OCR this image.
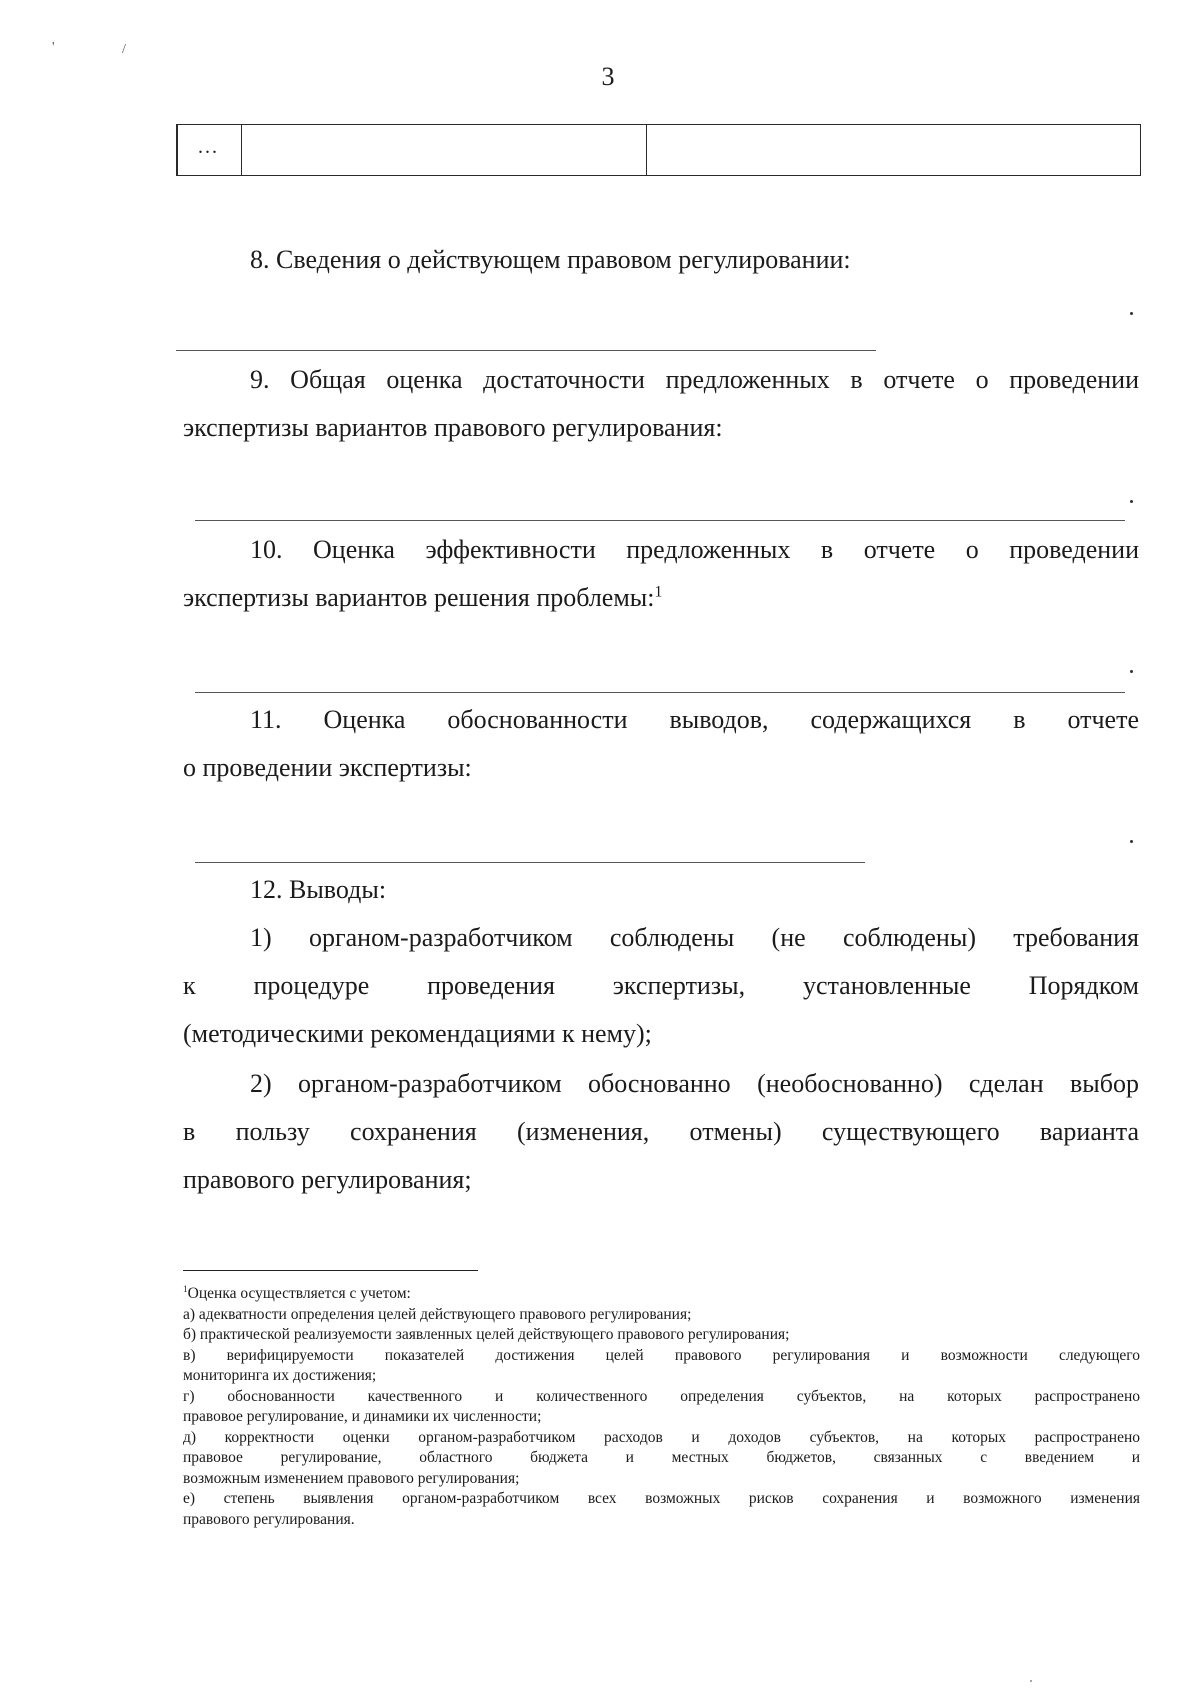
'	/
3
...

8. Сведения о действующем правовом регулировании:

9. Общая оценка достаточности предложенных в отчете о проведении

экспертизы вариантов правового регулирования:

10. Оценка эффективности предложенных в отчете о проведении

экспертизы вариантов решения проблемы:$^1$

11. Оценка обоснованности выводов, содержащихся в отчете

о проведении экспертизы:

12. Выводы:

1) органом-разработчиком соблюдены (не соблюдены) требования

к процедуре проведения экспертизы, установленные Порядком

(методическими рекомендациями к нему);

2) органом-разработчиком обоснованно (необоснованно) сделан выбор

в пользу сохранения (изменения, отмены) существующего варианта

правового регулирования;

$^1$Оценка осуществляется с учетом:

а) адекватности определения целей действующего правового регулирования;

б) практической реализуемости заявленных целей действующего правового регулирования;

в) верифицируемости показателей достижения целей правового регулирования и возможности следующего

мониторинга их достижения;

г) обоснованности качественного и количественного определения субъектов, на которых распространено

правовое регулирование, и динамики их численности;

д) корректности оценки органом-разработчиком расходов и доходов субъектов, на которых распространено

правовое регулирование, областного бюджета и местных бюджетов, связанных с введением и

возможным изменением правового регулирования;

е) степень выявления органом-разработчиком всех возможных рисков сохранения и возможного изменения

правового регулирования.
